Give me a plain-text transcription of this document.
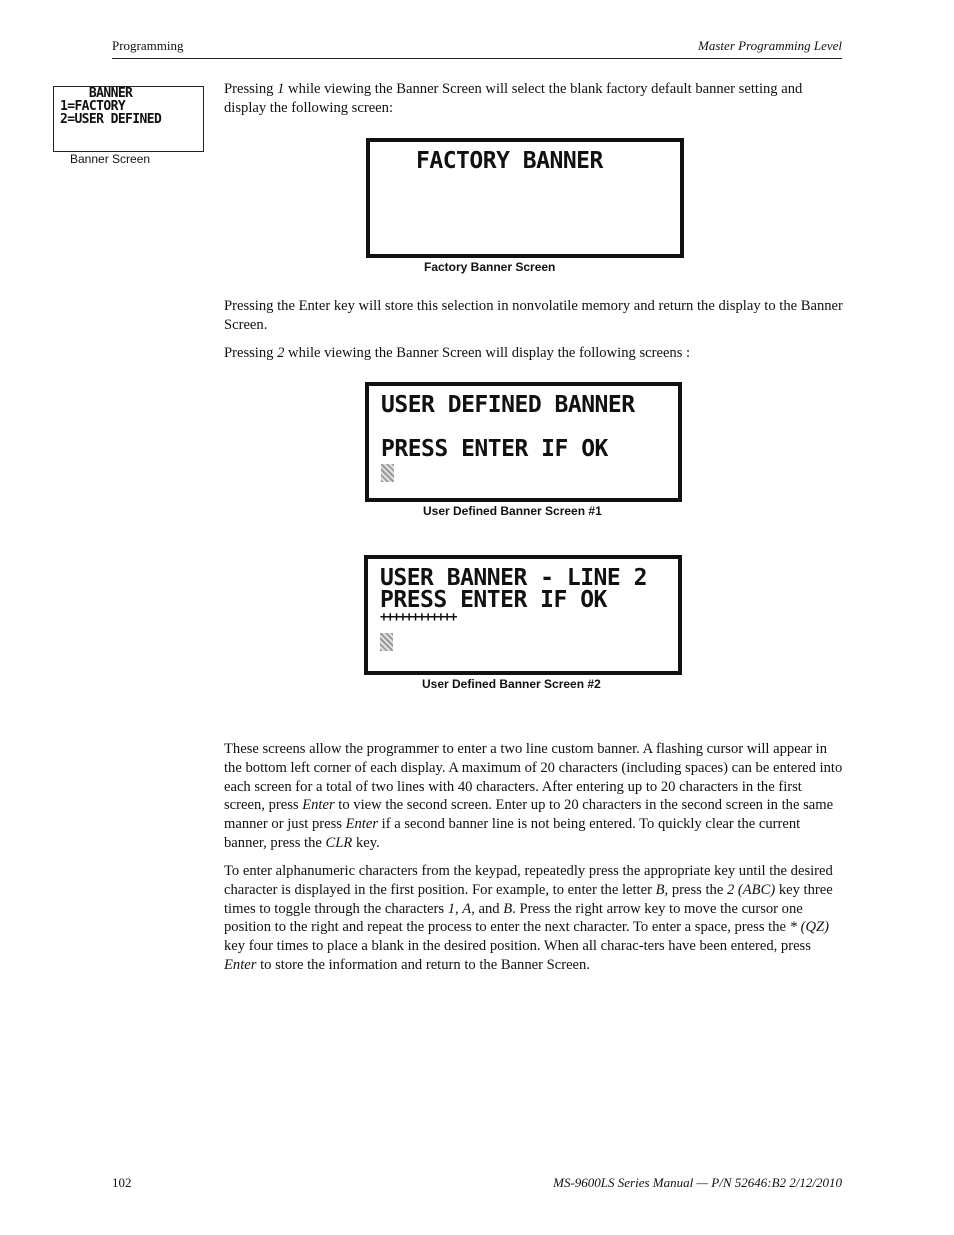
Programming	Master Programming Level
BANNER
1=FACTORY
2=USER DEFINED
Banner Screen

Pressing 1 while viewing the Banner Screen will select the blank factory default banner setting and display the following screen:

FACTORY BANNER
Factory Banner Screen

Pressing the Enter key will store this selection in nonvolatile memory and return the display to the Banner Screen.

Pressing 2 while viewing the Banner Screen will display the following screens :

USER DEFINED BANNER
PRESS ENTER IF OK
User Defined Banner Screen #1
USER BANNER - LINE 2
PRESS ENTER IF OK
++++++++++++
User Defined Banner Screen #2

These screens allow the programmer to enter a two line custom banner. A flashing cursor will appear in the bottom left corner of each display. A maximum of 20 characters (including spaces) can be entered into each screen for a total of two lines with 40 characters. After entering up to 20 characters in the first screen, press Enter to view the second screen. Enter up to 20 characters in the second screen in the same manner or just press Enter if a second banner line is not being entered. To quickly clear the current banner, press the CLR key.

To enter alphanumeric characters from the keypad, repeatedly press the appropriate key until the desired character is displayed in the first position. For example, to enter the letter B, press the 2 (ABC) key three times to toggle through the characters 1, A, and B. Press the right arrow key to move the cursor one position to the right and repeat the process to enter the next character. To enter a space, press the * (QZ) key four times to place a blank in the desired position. When all charac-ters have been entered, press Enter to store the information and return to the Banner Screen.

102	MS-9600LS Series Manual — P/N 52646:B2 2/12/2010
